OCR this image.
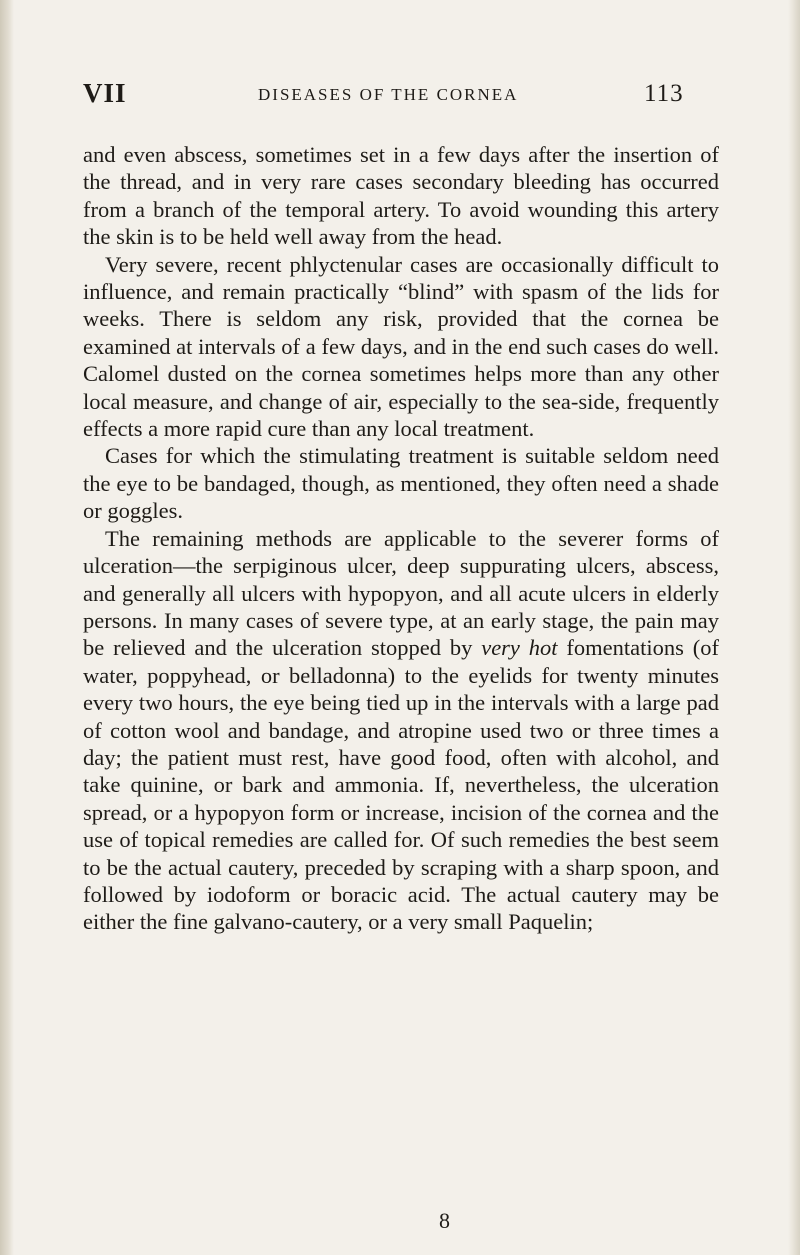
VII	DISEASES OF THE CORNEA	113

and even abscess, sometimes set in a few days after the insertion of the thread, and in very rare cases secondary bleeding has occurred from a branch of the temporal artery. To avoid wounding this artery the skin is to be held well away from the head.

Very severe, recent phlyctenular cases are occasionally difficult to influence, and remain practically “blind” with spasm of the lids for weeks. There is seldom any risk, provided that the cornea be examined at intervals of a few days, and in the end such cases do well. Calomel dusted on the cornea sometimes helps more than any other local measure, and change of air, especially to the sea-side, frequently effects a more rapid cure than any local treatment.

Cases for which the stimulating treatment is suitable seldom need the eye to be bandaged, though, as mentioned, they often need a shade or goggles.

The remaining methods are applicable to the severer forms of ulceration—the serpiginous ulcer, deep suppurating ulcers, abscess, and generally all ulcers with hypopyon, and all acute ulcers in elderly persons. In many cases of severe type, at an early stage, the pain may be relieved and the ulceration stopped by very hot fomentations (of water, poppyhead, or belladonna) to the eyelids for twenty minutes every two hours, the eye being tied up in the intervals with a large pad of cotton wool and bandage, and atropine used two or three times a day; the patient must rest, have good food, often with alcohol, and take quinine, or bark and ammonia. If, nevertheless, the ulceration spread, or a hypopyon form or increase, incision of the cornea and the use of topical remedies are called for. Of such remedies the best seem to be the actual cautery, preceded by scraping with a sharp spoon, and followed by iodoform or boracic acid. The actual cautery may be either the fine galvano-cautery, or a very small Paquelin;

8
